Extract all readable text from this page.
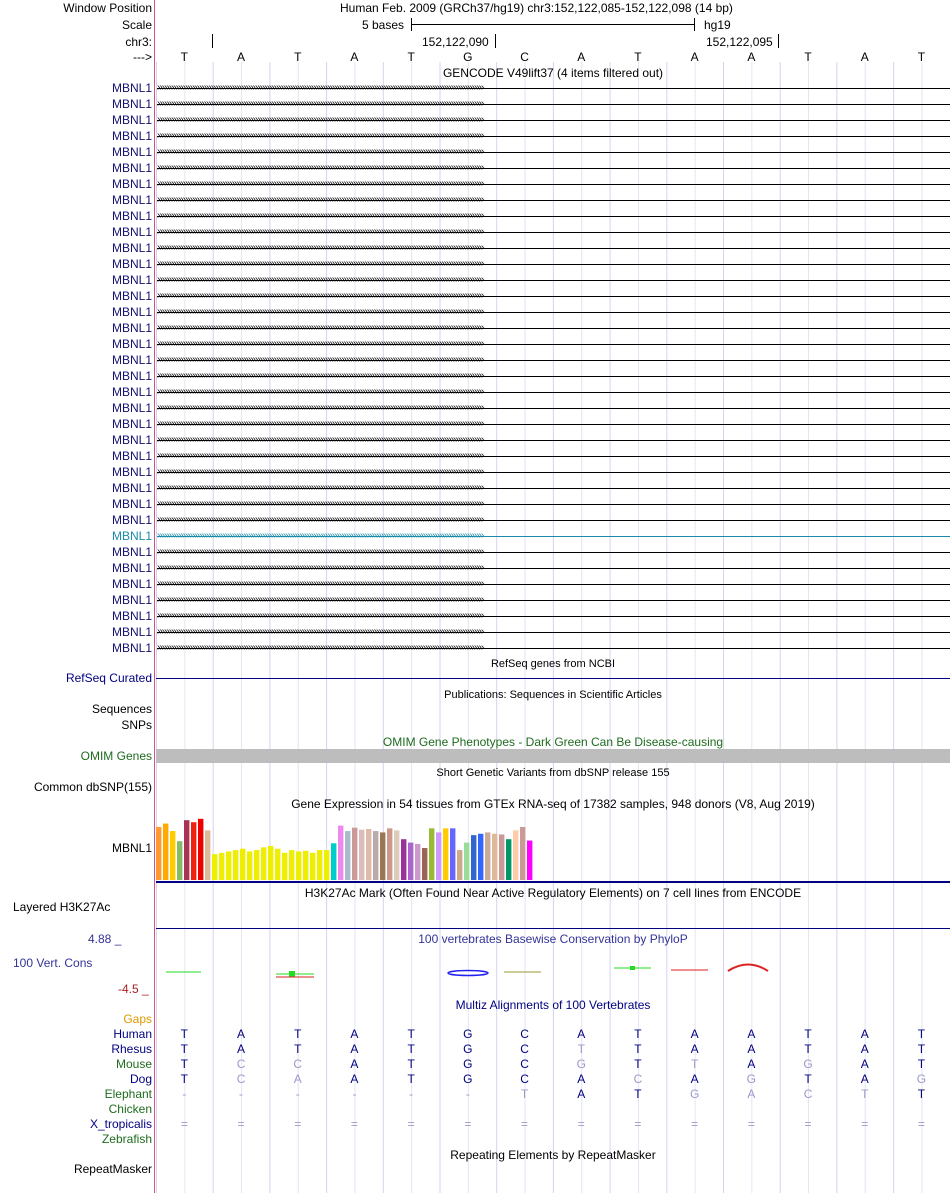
Window Position	Human Feb. 2009 (GRCh37/hg19) chr3:152,122,085-152,122,098 (14 bp)
Scale	5 bases	hg19
chr3:	152,122,090	152,122,095
--->	T	A	T	A	T	G	C	A	T	A	A	T	A	T
GENCODE V49lift37 (4 items filtered out)
MBNL1 ››››››››››››››››››››››››››››››››››››››››››››››››››››››››››››››››››››››››››››››››››››››››››››››››››››››››››››››››››››››››››››››››››››››››››››
MBNL1 ››››››››››››››››››››››››››››››››››››››››››››››››››››››››››››››››››››››››››››››››››››››››››››››››››››››››››››››››››››››››››››››››››››››››››››
MBNL1 ››››››››››››››››››››››››››››››››››››››››››››››››››››››››››››››››››››››››››››››››››››››››››››››››››››››››››››››››››››››››››››››››››››››››››››
MBNL1 ››››››››››››››››››››››››››››››››››››››››››››››››››››››››››››››››››››››››››››››››››››››››››››››››››››››››››››››››››››››››››››››››››››››››››››
MBNL1 ››››››››››››››››››››››››››››››››››››››››››››››››››››››››››››››››››››››››››››››››››››››››››››››››››››››››››››››››››››››››››››››››››››››››››››
MBNL1 ››››››››››››››››››››››››››››››››››››››››››››››››››››››››››››››››››››››››››››››››››››››››››››››››››››››››››››››››››››››››››››››››››››››››››››
MBNL1 ››››››››››››››››››››››››››››››››››››››››››››››››››››››››››››››››››››››››››››››››››››››››››››››››››››››››››››››››››››››››››››››››››››››››››››
MBNL1 ››››››››››››››››››››››››››››››››››››››››››››››››››››››››››››››››››››››››››››››››››››››››››››››››››››››››››››››››››››››››››››››››››››››››››››
MBNL1 ››››››››››››››››››››››››››››››››››››››››››››››››››››››››››››››››››››››››››››››››››››››››››››››››››››››››››››››››››››››››››››››››››››››››››››
MBNL1 ››››››››››››››››››››››››››››››››››››››››››››››››››››››››››››››››››››››››››››››››››››››››››››››››››››››››››››››››››››››››››››››››››››››››››››
MBNL1 ››››››››››››››››››››››››››››››››››››››››››››››››››››››››››››››››››››››››››››››››››››››››››››››››››››››››››››››››››››››››››››››››››››››››››››
MBNL1 ››››››››››››››››››››››››››››››››››››››››››››››››››››››››››››››››››››››››››››››››››››››››››››››››››››››››››››››››››››››››››››››››››››››››››››
MBNL1 ››››››››››››››››››››››››››››››››››››››››››››››››››››››››››››››››››››››››››››››››››››››››››››››››››››››››››››››››››››››››››››››››››››››››››››
MBNL1 ››››››››››››››››››››››››››››››››››››››››››››››››››››››››››››››››››››››››››››››››››››››››››››››››››››››››››››››››››››››››››››››››››››››››››››
MBNL1 ››››››››››››››››››››››››››››››››››››››››››››››››››››››››››››››››››››››››››››››››››››››››››››››››››››››››››››››››››››››››››››››››››››››››››››
MBNL1 ››››››››››››››››››››››››››››››››››››››››››››››››››››››››››››››››››››››››››››››››››››››››››››››››››››››››››››››››››››››››››››››››››››››››››››
MBNL1 ››››››››››››››››››››››››››››››››››››››››››››››››››››››››››››››››››››››››››››››››››››››››››››››››››››››››››››››››››››››››››››››››››››››››››››
MBNL1 ››››››››››››››››››››››››››››››››››››››››››››››››››››››››››››››››››››››››››››››››››››››››››››››››››››››››››››››››››››››››››››››››››››››››››››
MBNL1 ››››››››››››››››››››››››››››››››››››››››››››››››››››››››››››››››››››››››››››››››››››››››››››››››››››››››››››››››››››››››››››››››››››››››››››
MBNL1 ››››››››››››››››››››››››››››››››››››››››››››››››››››››››››››››››››››››››››››››››››››››››››››››››››››››››››››››››››››››››››››››››››››››››››››
MBNL1 ››››››››››››››››››››››››››››››››››››››››››››››››››››››››››››››››››››››››››››››››››››››››››››››››››››››››››››››››››››››››››››››››››››››››››››
MBNL1 ››››››››››››››››››››››››››››››››››››››››››››››››››››››››››››››››››››››››››››››››››››››››››››››››››››››››››››››››››››››››››››››››››››››››››››
MBNL1 ››››››››››››››››››››››››››››››››››››››››››››››››››››››››››››››››››››››››››››››››››››››››››››››››››››››››››››››››››››››››››››››››››››››››››››
MBNL1 ››››››››››››››››››››››››››››››››››››››››››››››››››››››››››››››››››››››››››››››››››››››››››››››››››››››››››››››››››››››››››››››››››››››››››››
MBNL1 ››››››››››››››››››››››››››››››››››››››››››››››››››››››››››››››››››››››››››››››››››››››››››››››››››››››››››››››››››››››››››››››››››››››››››››
MBNL1 ››››››››››››››››››››››››››››››››››››››››››››››››››››››››››››››››››››››››››››››››››››››››››››››››››››››››››››››››››››››››››››››››››››››››››››
MBNL1 ››››››››››››››››››››››››››››››››››››››››››››››››››››››››››››››››››››››››››››››››››››››››››››››››››››››››››››››››››››››››››››››››››››››››››››
MBNL1 ››››››››››››››››››››››››››››››››››››››››››››››››››››››››››››››››››››››››››››››››››››››››››››››››››››››››››››››››››››››››››››››››››››››››››››
MBNL1 ››››››››››››››››››››››››››››››››››››››››››››››››››››››››››››››››››››››››››››››››››››››››››››››››››››››››››››››››››››››››››››››››››››››››››››
MBNL1 ››››››››››››››››››››››››››››››››››››››››››››››››››››››››››››››››››››››››››››››››››››››››››››››››››››››››››››››››››››››››››››››››››››››››››››
MBNL1 ››››››››››››››››››››››››››››››››››››››››››››››››››››››››››››››››››››››››››››››››››››››››››››››››››››››››››››››››››››››››››››››››››››››››››››
MBNL1 ››››››››››››››››››››››››››››››››››››››››››››››››››››››››››››››››››››››››››››››››››››››››››››››››››››››››››››››››››››››››››››››››››››››››››››
MBNL1 ››››››››››››››››››››››››››››››››››››››››››››››››››››››››››››››››››››››››››››››››››››››››››››››››››››››››››››››››››››››››››››››››››››››››››››
MBNL1 ››››››››››››››››››››››››››››››››››››››››››››››››››››››››››››››››››››››››››››››››››››››››››››››››››››››››››››››››››››››››››››››››››››››››››››
MBNL1 ››››››››››››››››››››››››››››››››››››››››››››››››››››››››››››››››››››››››››››››››››››››››››››››››››››››››››››››››››››››››››››››››››››››››››››
MBNL1 ››››››››››››››››››››››››››››››››››››››››››››››››››››››››››››››››››››››››››››››››››››››››››››››››››››››››››››››››››››››››››››››››››››››››››››
RefSeq genes from NCBI
RefSeq Curated
Publications: Sequences in Scientific Articles
Sequences
SNPs
OMIM Gene Phenotypes - Dark Green Can Be Disease-causing
OMIM Genes
Short Genetic Variants from dbSNP release 155
Common dbSNP(155)
Gene Expression in 54 tissues from GTEx RNA-seq of 17382 samples, 948 donors (V8, Aug 2019)
MBNL1
H3K27Ac Mark (Often Found Near Active Regulatory Elements) on 7 cell lines from ENCODE
Layered H3K27Ac
100 vertebrates Basewise Conservation by PhyloP
4.88 _
100 Vert. Cons
-4.5 _
Multiz Alignments of 100 Vertebrates
Gaps
Human	T	A	T	A	T	G	C	A	T	A	A	T	A	T
Rhesus	T	A	T	A	T	G	C	T	T	A	A	T	A	T
Mouse	T	C	C	A	T	G	C	G	T	T	A	G	A	T
Dog	T	C	A	A	T	G	C	A	C	A	G	T	A	G
Elephant	-	-	-	-	-	-	T	A	T	G	A	C	T	T
Chicken
X_tropicalis	=	=	=	=	=	=	=	=	=	=	=	=	=	=
Zebrafish
Repeating Elements by RepeatMasker
RepeatMasker
